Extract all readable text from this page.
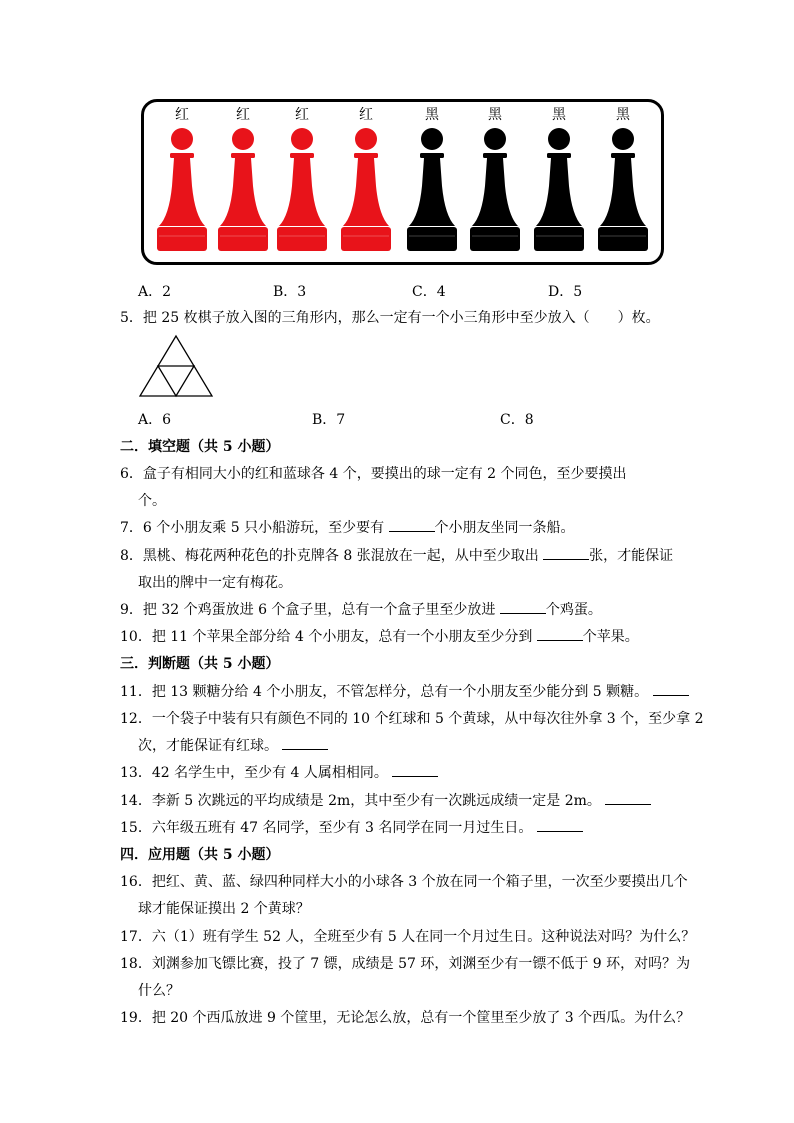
红	红	红	红	黑	黑	黑	黑
A．2	B．3	C．4	D．5
5．把 25 枚棋子放入图的三角形内，那么一定有一个小三角形中至少放入（　　）枚。
A．6	B．7	C．8
二．填空题（共 5 小题）
6．盒子有相同大小的红和蓝球各 4 个，要摸出的球一定有 2 个同色，至少要摸出
个。
7．6 个小朋友乘 5 只小船游玩，至少要有	个小朋友坐同一条船。
8．黑桃、梅花两种花色的扑克牌各 8 张混放在一起，从中至少取出	张，才能保证
取出的牌中一定有梅花。
9．把 32 个鸡蛋放进 6 个盒子里，总有一个盒子里至少放进	个鸡蛋。
10．把 11 个苹果全部分给 4 个小朋友，总有一个小朋友至少分到	个苹果。
三．判断题（共 5 小题）
11．把 13 颗糖分给 4 个小朋友，不管怎样分，总有一个小朋友至少能分到 5 颗糖。
12．一个袋子中装有只有颜色不同的 10 个红球和 5 个黄球，从中每次往外拿 3 个，至少拿 2
次，才能保证有红球。
13．42 名学生中，至少有 4 人属相相同。
14．李新 5 次跳远的平均成绩是 2m，其中至少有一次跳远成绩一定是 2m。
15．六年级五班有 47 名同学，至少有 3 名同学在同一月过生日。
四．应用题（共 5 小题）
16．把红、黄、蓝、绿四种同样大小的小球各 3 个放在同一个箱子里，一次至少要摸出几个
球才能保证摸出 2 个黄球？
17．六（1）班有学生 52 人，全班至少有 5 人在同一个月过生日。这种说法对吗？为什么？
18．刘渊参加飞镖比赛，投了 7 镖，成绩是 57 环，刘渊至少有一镖不低于 9 环，对吗？为
什么？
19．把 20 个西瓜放进 9 个筐里，无论怎么放，总有一个筐里至少放了 3 个西瓜。为什么？
